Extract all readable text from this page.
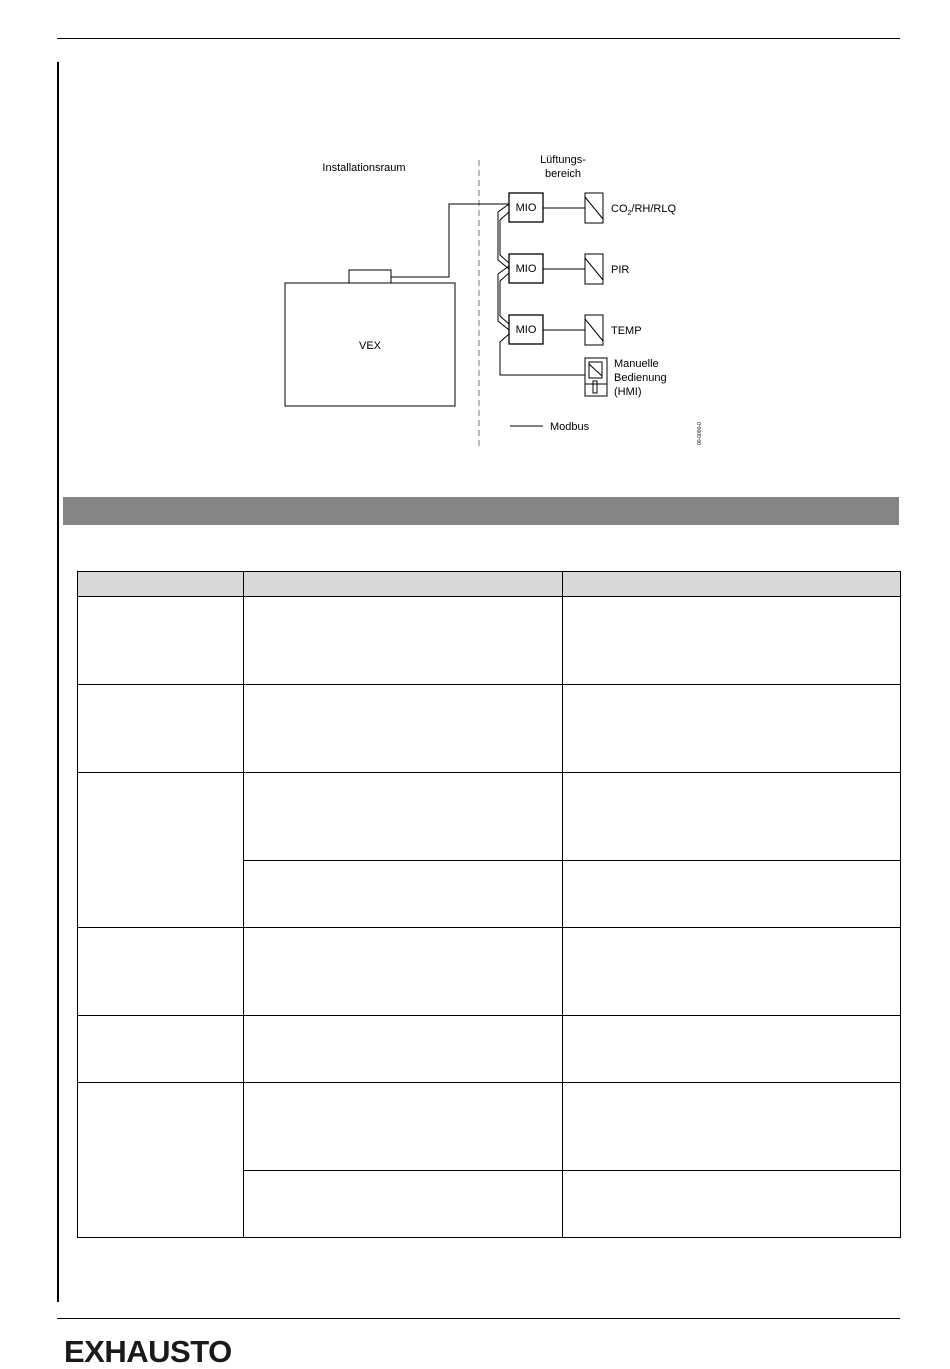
Installationsraum
Lüftungs-
bereich
VEX
MIO
MIO
MIO
$CO_2/RH$/RLQ
PIR
TEMP
Manuelle
Bedienung
(HMI)
Modbus	00-0000-0

EXHAUSTO
